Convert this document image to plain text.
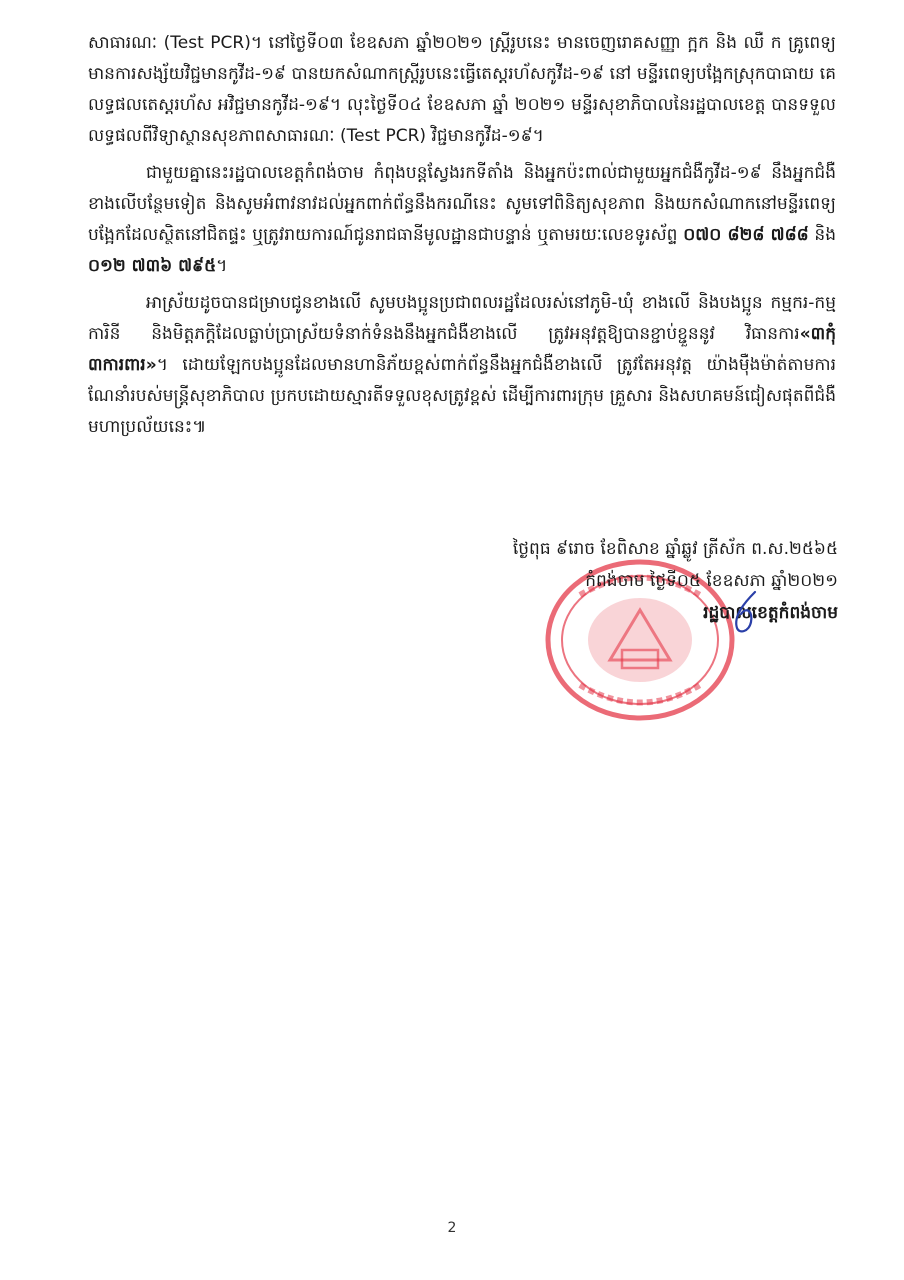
សាធារណៈ (Test PCR)។ នៅថ្ងៃទី០៣ ខែឧសភា ឆ្នាំ២០២១ ស្ត្រីរូបនេះ មានចេញរោគសញ្ញា ក្អក និង ឈឺ ក គ្រូពេទ្យមានការសង្ស័យវិជ្ជមានកូវីដ-១៩ បានយកសំណាកស្ត្រីរូបនេះធ្វើតេស្តរហ័សកូវីដ-១៩ នៅ មន្ទីរពេទ្យបង្អែកស្រុកបាធាយ គេលទ្ធផលតេស្តរហ័ស អវិជ្ជមានកូវីដ-១៩។ លុះថ្ងៃទី០៤ ខែឧសភា ឆ្នាំ ២០២១ មន្ទីរសុខាភិបាលនៃរដ្ឋបាលខេត្ត បានទទួលលទ្ធផលពីវិទ្យាស្ថានសុខភាពសាធារណៈ (Test PCR) វិជ្ជមានកូវីដ-១៩។

ជាមួយគ្នានេះរដ្ឋបាលខេត្តកំពង់ចាម កំពុងបន្តស្វែងរកទីតាំង និងអ្នកប៉ះពាល់ជាមួយអ្នកជំងឺកូវីដ-១៩ នឹងអ្នកជំងឺខាងលើបន្ថែមទៀត និងសូមអំពាវនាវដល់អ្នកពាក់ព័ន្ធនឹងករណីនេះ សូមទៅពិនិត្យសុខភាព និងយកសំណាកនៅមន្ទីរពេទ្យបង្អែកដែលស្ថិតនៅជិតផ្ទះ ឬត្រូវរាយការណ៍ជូនរាជធានីមូលដ្ឋានជាបន្ទាន់ ឬតាមរយៈលេខទូរស័ព្ទ ០៧០ ៨២៨ ៧៨៨ និង ០១២ ៧៣៦ ៧៩៥។

អាស្រ័យដូចបានជម្រាបជូនខាងលើ សូមបងប្អូនប្រជាពលរដ្ឋដែលរស់នៅភូមិ-ឃុំ ខាងលើ និងបងប្អូន កម្មករ-កម្មការិនី និងមិត្តភក្ដិដែលធ្លាប់ប្រាស្រ័យទំនាក់ទំនងនឹងអ្នកជំងឺខាងលើ ត្រូវអនុវត្តឱ្យបានខ្ជាប់ខ្ជួននូវ វិធានការ«៣កុំ ៣ការពារ»។ ដោយឡែកបងប្អូនដែលមានហានិភ័យខ្ពស់ពាក់ព័ន្ធនឹងអ្នកជំងឺខាងលើ ត្រូវតែអនុវត្ត យ៉ាងម៉ឺងម៉ាត់តាមការណែនាំរបស់មន្ត្រីសុខាភិបាល ប្រកបដោយស្មារតីទទួលខុសត្រូវខ្ពស់ ដើម្បីការពារក្រុម គ្រួសារ និងសហគមន៍ជៀសផុតពីជំងឺមហាប្រល័យនេះ៕

ថ្ងៃពុធ ៩រោច ខែពិសាខ ឆ្នាំឆ្លូវ ត្រីស័ក ព.ស.២៥៦៥
កំពង់ចាម ថ្ងៃទី០៥ ខែឧសភា ឆ្នាំ២០២១
រដ្ឋបាលខេត្តកំពង់ចាម
2
